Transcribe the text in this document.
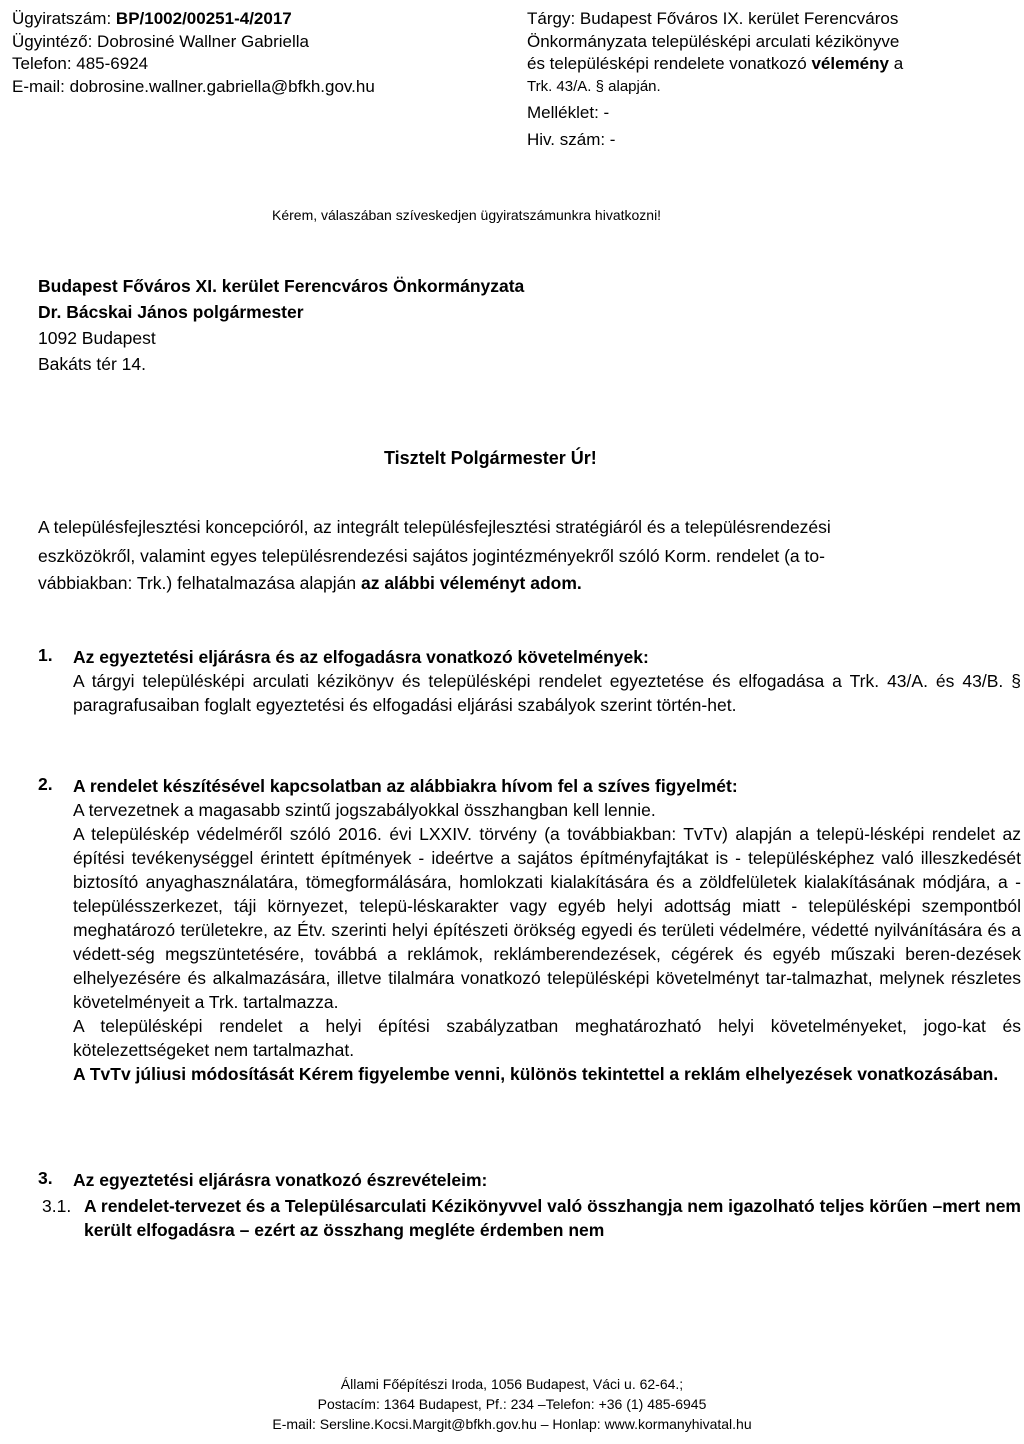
Ügyiratszám: BP/1002/00251-4/2017
Ügyintéző: Dobrosiné Wallner Gabriella
Telefon: 485-6924
E-mail: dobrosine.wallner.gabriella@bfkh.gov.hu
Tárgy: Budapest Főváros IX. kerület Ferencváros
Önkormányzata településképi arculati kézikönyve
és településképi rendelete vonatkozó vélemény a
Trk. 43/A. § alapján.
Melléklet: -
Hiv. szám: -
Kérem, válaszában szíveskedjen ügyiratszámunkra hivatkozni!
Budapest Főváros XI. kerület Ferencváros Önkormányzata
Dr. Bácskai János polgármester
1092 Budapest
Bakáts tér 14.
Tisztelt Polgármester Úr!
A településfejlesztési koncepcióról, az integrált településfejlesztési stratégiáról és a településrendezési
eszközökről, valamint egyes településrendezési sajátos jogintézményekről szóló Korm. rendelet (a to-
vábbiakban: Trk.) felhatalmazása alapján az alábbi véleményt adom.
1. Az egyeztetési eljárásra és az elfogadásra vonatkozó követelmények:

A tárgyi településképi arculati kézikönyv és településképi rendelet egyeztetése és elfogadása a Trk. 43/A. és 43/B. § paragrafusaiban foglalt egyeztetési és elfogadási eljárási szabályok szerint történ-het.

2. A rendelet készítésével kapcsolatban az alábbiakra hívom fel a szíves figyelmét:

A tervezetnek a magasabb szintű jogszabályokkal összhangban kell lennie.

A településkép védelméről szóló 2016. évi LXXIV. törvény (a továbbiakban: TvTv) alapján a telepü-lésképi rendelet az építési tevékenységgel érintett építmények - ideértve a sajátos építményfajtákat is - településképhez való illeszkedését biztosító anyaghasználatára, tömegformálására, homlokzati kialakítására és a zöldfelületek kialakításának módjára, a - településszerkezet, táji környezet, telepü-léskarakter vagy egyéb helyi adottság miatt - településképi szempontból meghatározó területekre, az Étv. szerinti helyi építészeti örökség egyedi és területi védelmére, védetté nyilvánítására és a védett-ség megszüntetésére, továbbá a reklámok, reklámberendezések, cégérek és egyéb műszaki beren-dezések elhelyezésére és alkalmazására, illetve tilalmára vonatkozó településképi követelményt tar-talmazhat, melynek részletes követelményeit a Trk. tartalmazza.

A településképi rendelet a helyi építési szabályzatban meghatározható helyi követelményeket, jogo-kat és kötelezettségeket nem tartalmazhat.

A TvTv júliusi módosítását Kérem figyelembe venni, különös tekintettel a reklám elhelyezések vonatkozásában.

3. Az egyeztetési eljárásra vonatkozó észrevételeim:

3.1. A rendelet-tervezet és a Településarculati Kézikönyvvel való összhangja nem igazolható teljes körűen –mert nem került elfogadásra – ezért az összhang megléte érdemben nem
Állami Főépítészi Iroda, 1056 Budapest, Váci u. 62-64.;
Postacím: 1364 Budapest, Pf.: 234 –Telefon: +36 (1) 485-6945
E-mail: Sersline.Kocsi.Margit@bfkh.gov.hu – Honlap: www.kormanyhivatal.hu
